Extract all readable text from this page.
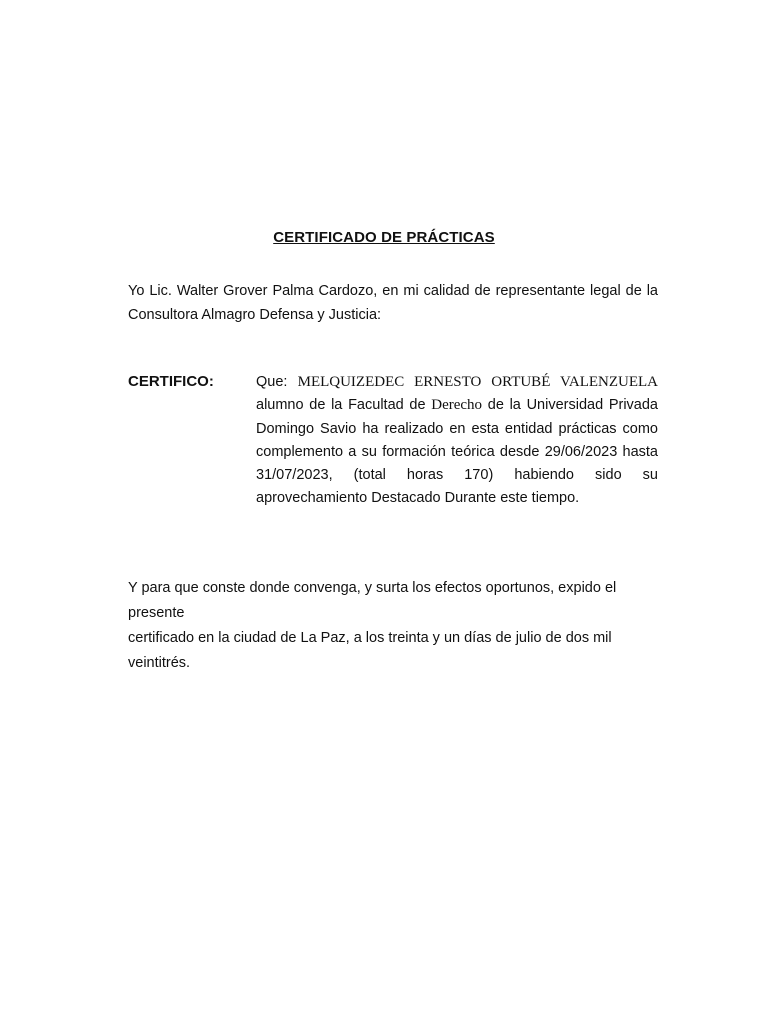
CERTIFICADO DE PRÁCTICAS
Yo Lic. Walter Grover Palma Cardozo, en mi calidad de representante legal de la
Consultora Almagro Defensa y Justicia:
CERTIFICO:	Que: MELQUIZEDEC ERNESTO ORTUBÉ VALENZUELA
alumno de la Facultad de Derecho de la Universidad Privada
Domingo Savio ha realizado en esta entidad prácticas como
complemento a su formación teórica desde 29/06/2023 hasta
31/07/2023, (total horas 170) habiendo sido su
aprovechamiento Destacado Durante este tiempo.
Y para que conste donde convenga, y surta los efectos oportunos, expido el presente
certificado en la ciudad de La Paz, a los treinta y un días de julio de dos mil veintitrés.
